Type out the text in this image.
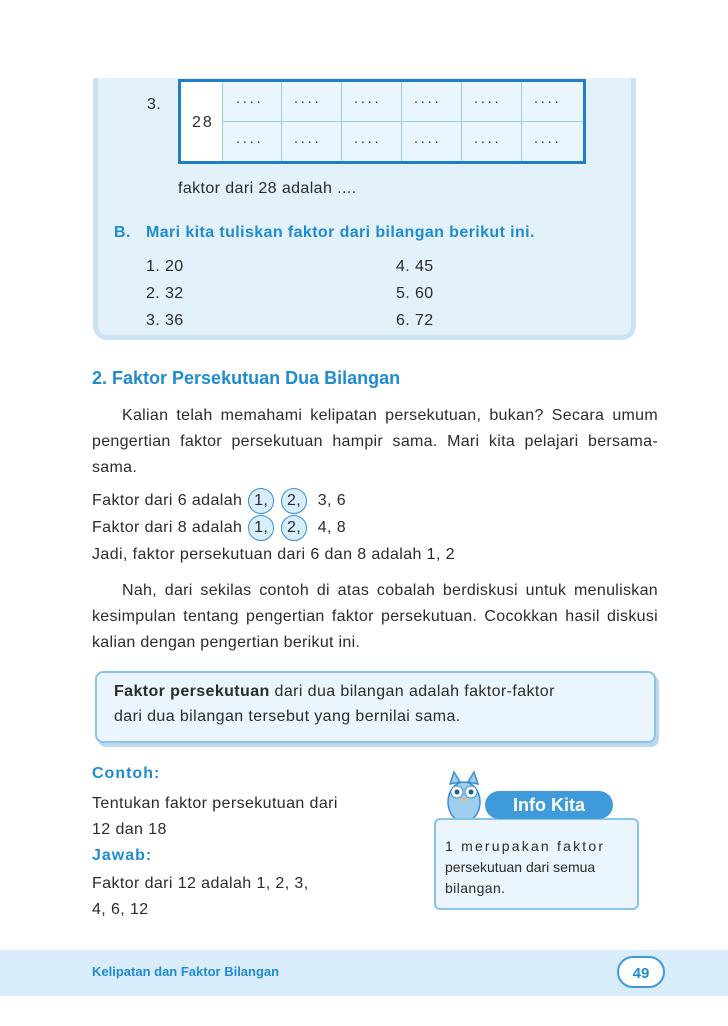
3.
28
.... .... .... .... .... ....
.... .... .... .... .... ....
faktor dari 28 adalah ....
B. Mari kita tuliskan faktor dari bilangan berikut ini.
1. 20
2. 32
3. 36
4. 45
5. 60
6. 72
2. Faktor Persekutuan Dua Bilangan
Kalian telah memahami kelipatan persekutuan, bukan? Secara umum pengertian faktor persekutuan hampir sama. Mari kita pelajari bersama-sama.
Faktor dari 6 adalah 1, 2, 3, 6
Faktor dari 8 adalah 1, 2, 4, 8
Jadi, faktor persekutuan dari 6 dan 8 adalah 1, 2
Nah, dari sekilas contoh di atas cobalah berdiskusi untuk menuliskan kesimpulan tentang pengertian faktor persekutuan. Cocokkan hasil diskusi kalian dengan pengertian berikut ini.
Faktor persekutuan dari dua bilangan adalah faktor-faktor
dari dua bilangan tersebut yang bernilai sama.
Contoh:
Tentukan faktor persekutuan dari
12 dan 18
Jawab:
Faktor dari 12 adalah 1, 2, 3,
4, 6, 12
Info Kita
1 merupakan faktor
persekutuan dari semua
bilangan.
Kelipatan dan Faktor Bilangan	49
